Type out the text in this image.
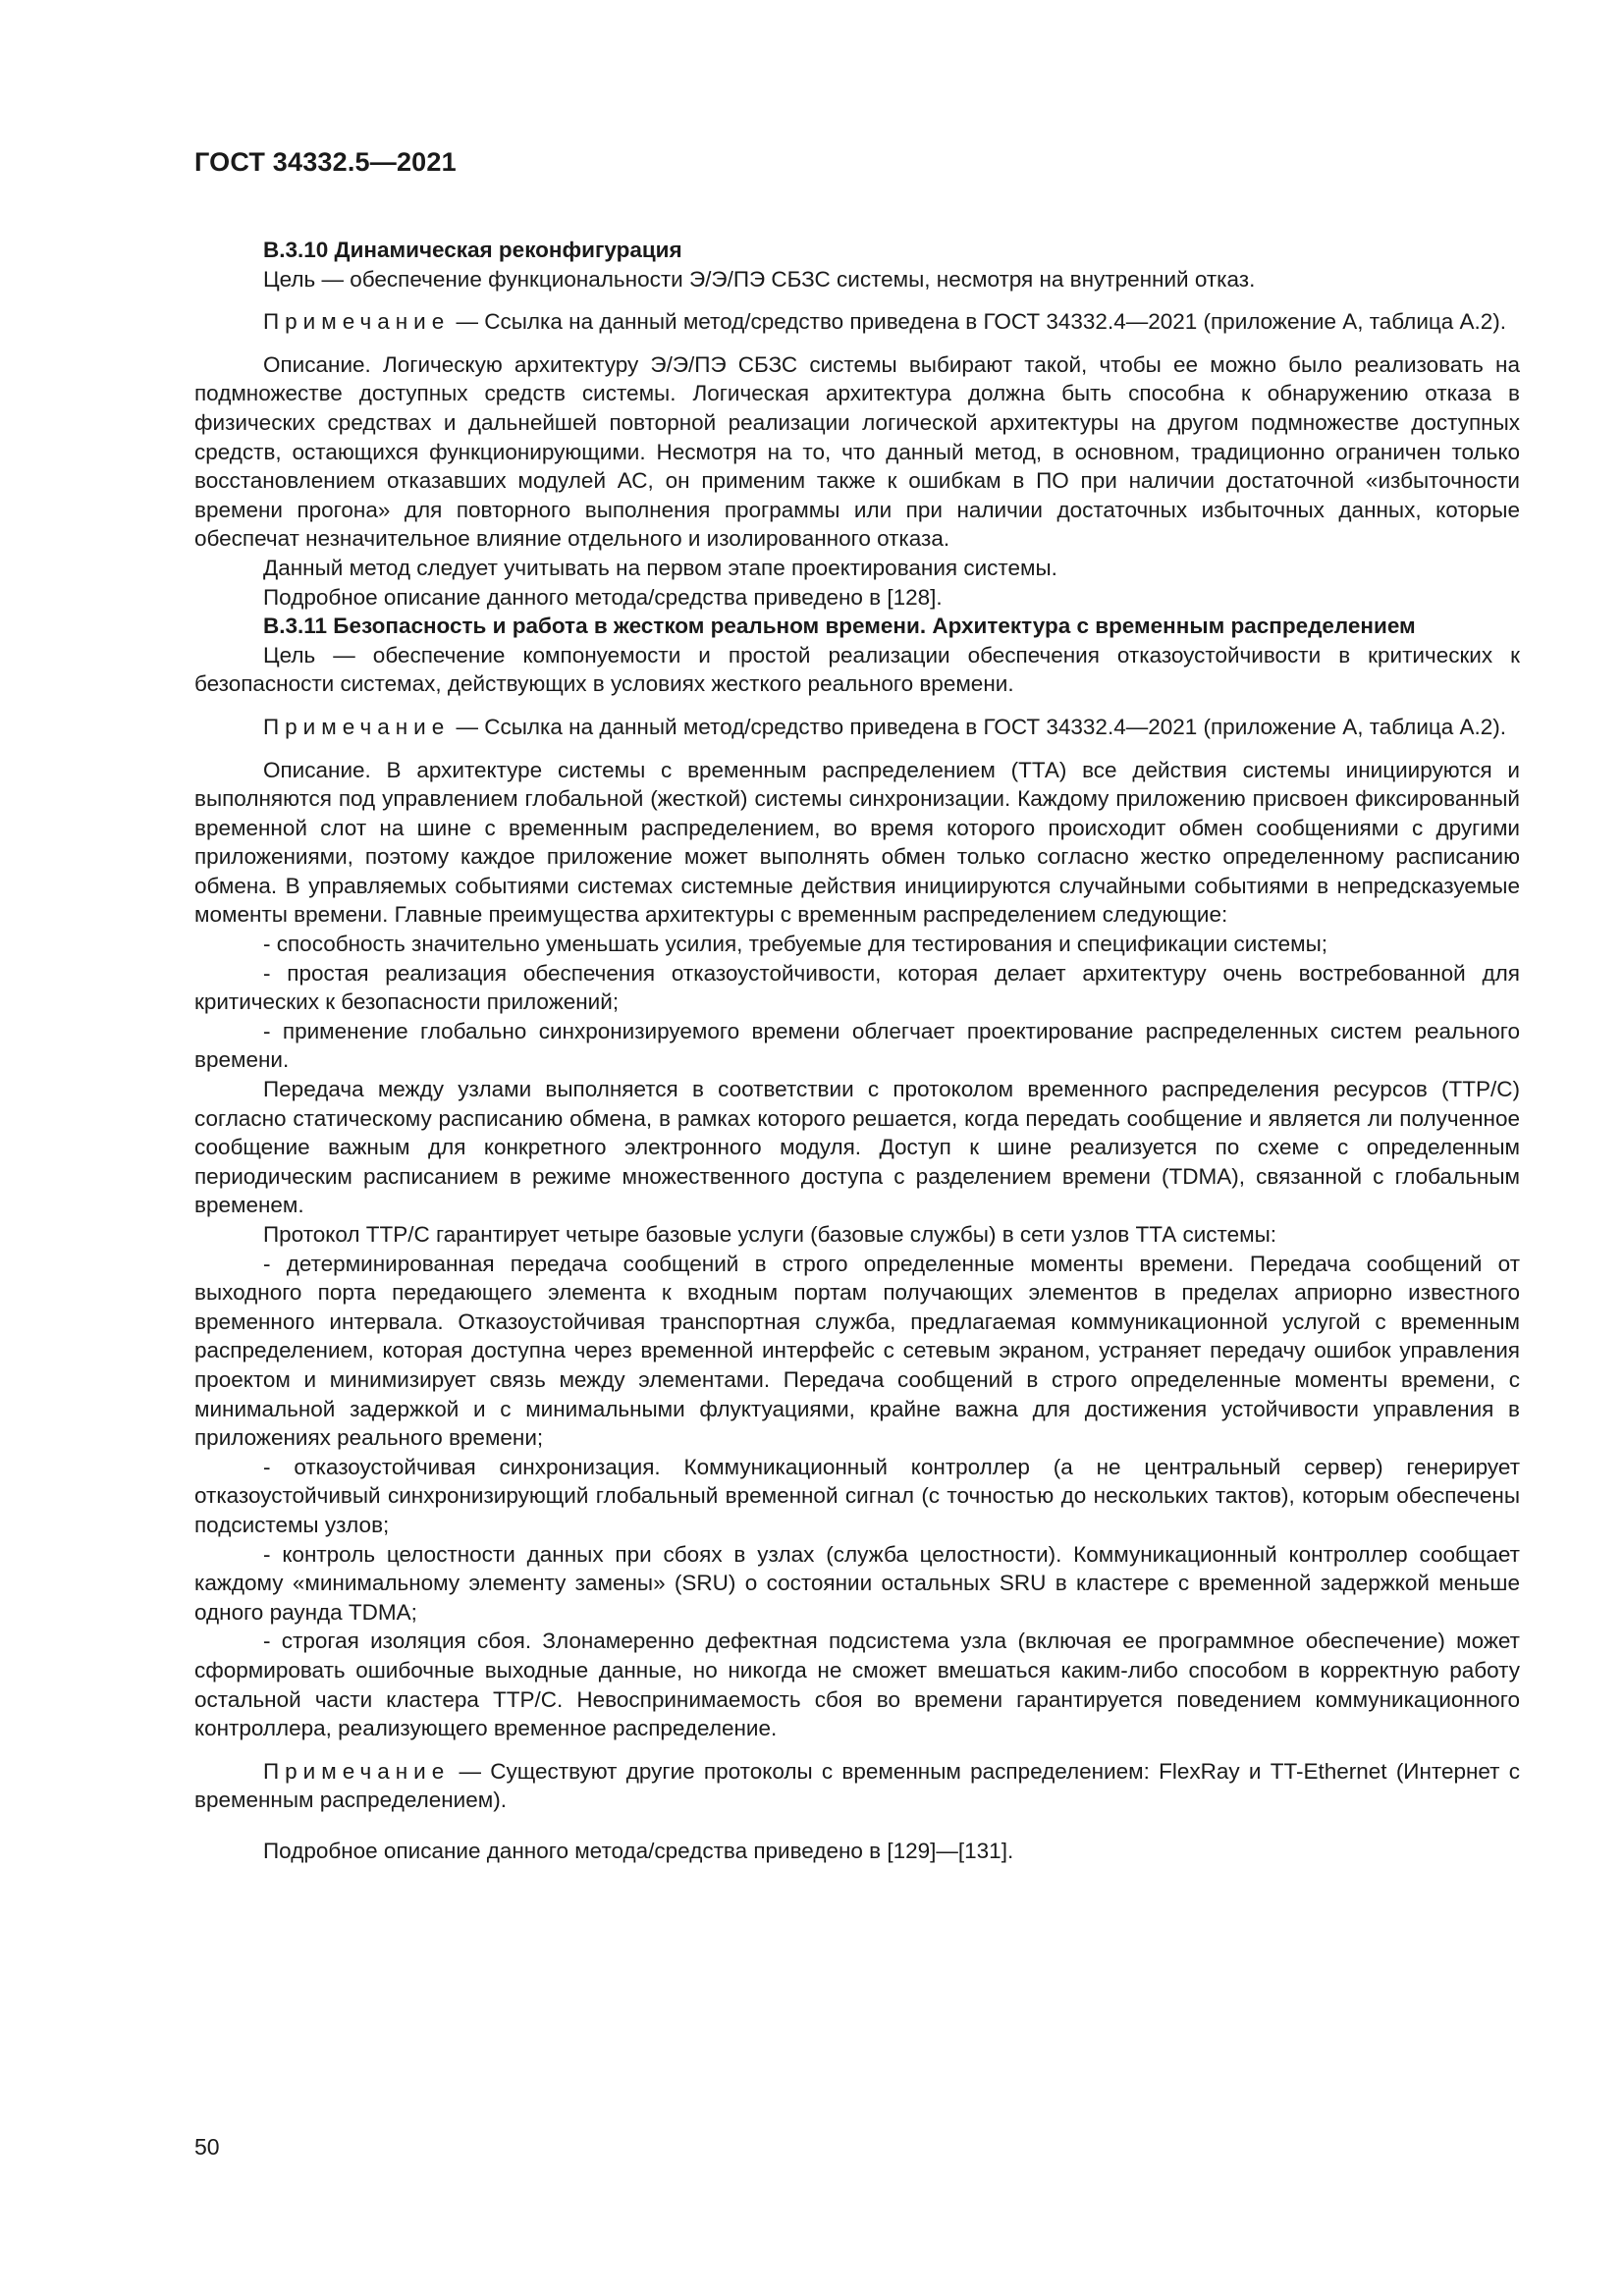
ГОСТ 34332.5—2021

В.3.10 Динамическая реконфигурация

Цель — обеспечение функциональности Э/Э/ПЭ СБЗС системы, несмотря на внутренний отказ.

Примечание — Ссылка на данный метод/средство приведена в ГОСТ 34332.4—2021 (приложение А, таблица А.2).

Описание. Логическую архитектуру Э/Э/ПЭ СБЗС системы выбирают такой, чтобы ее можно было реализовать на подмножестве доступных средств системы. Логическая архитектура должна быть способна к обнаружению отказа в физических средствах и дальнейшей повторной реализации логической архитектуры на другом подмножестве доступных средств, остающихся функционирующими. Несмотря на то, что данный метод, в основном, традиционно ограничен только восстановлением отказавших модулей АС, он применим также к ошибкам в ПО при наличии достаточной «избыточности времени прогона» для повторного выполнения программы или при наличии достаточных избыточных данных, которые обеспечат незначительное влияние отдельного и изолированного отказа.

Данный метод следует учитывать на первом этапе проектирования системы.

Подробное описание данного метода/средства приведено в [128].

В.3.11 Безопасность и работа в жестком реальном времени. Архитектура с временным распределением

Цель — обеспечение компонуемости и простой реализации обеспечения отказоустойчивости в критических к безопасности системах, действующих в условиях жесткого реального времени.

Примечание — Ссылка на данный метод/средство приведена в ГОСТ 34332.4—2021 (приложение А, таблица А.2).

Описание. В архитектуре системы с временным распределением (ТТА) все действия системы инициируются и выполняются под управлением глобальной (жесткой) системы синхронизации. Каждому приложению присвоен фиксированный временной слот на шине с временным распределением, во время которого происходит обмен сообщениями с другими приложениями, поэтому каждое приложение может выполнять обмен только согласно жестко определенному расписанию обмена. В управляемых событиями системах системные действия инициируются случайными событиями в непредсказуемые моменты времени. Главные преимущества архитектуры с временным распределением следующие:

- способность значительно уменьшать усилия, требуемые для тестирования и спецификации системы;

- простая реализация обеспечения отказоустойчивости, которая делает архитектуру очень востребованной для критических к безопасности приложений;

- применение глобально синхронизируемого времени облегчает проектирование распределенных систем реального времени.

Передача между узлами выполняется в соответствии с протоколом временного распределения ресурсов (TTP/C) согласно статическому расписанию обмена, в рамках которого решается, когда передать сообщение и является ли полученное сообщение важным для конкретного электронного модуля. Доступ к шине реализуется по схеме с определенным периодическим расписанием в режиме множественного доступа с разделением времени (TDMA), связанной с глобальным временем.

Протокол TTP/C гарантирует четыре базовые услуги (базовые службы) в сети узлов ТТА системы:

- детерминированная передача сообщений в строго определенные моменты времени. Передача сообщений от выходного порта передающего элемента к входным портам получающих элементов в пределах априорно известного временного интервала. Отказоустойчивая транспортная служба, предлагаемая коммуникационной услугой с временным распределением, которая доступна через временной интерфейс с сетевым экраном, устраняет передачу ошибок управления проектом и минимизирует связь между элементами. Передача сообщений в строго определенные моменты времени, с минимальной задержкой и с минимальными флуктуациями, крайне важна для достижения устойчивости управления в приложениях реального времени;

- отказоустойчивая синхронизация. Коммуникационный контроллер (а не центральный сервер) генерирует отказоустойчивый синхронизирующий глобальный временной сигнал (с точностью до нескольких тактов), которым обеспечены подсистемы узлов;

- контроль целостности данных при сбоях в узлах (служба целостности). Коммуникационный контроллер сообщает каждому «минимальному элементу замены» (SRU) о состоянии остальных SRU в кластере с временной задержкой меньше одного раунда TDMA;

- строгая изоляция сбоя. Злонамеренно дефектная подсистема узла (включая ее программное обеспечение) может сформировать ошибочные выходные данные, но никогда не сможет вмешаться каким-либо способом в корректную работу остальной части кластера TTP/C. Невоспринимаемость сбоя во времени гарантируется поведением коммуникационного контроллера, реализующего временное распределение.

Примечание — Существуют другие протоколы с временным распределением: FlexRay и TT-Ethernet (Интернет с временным распределением).

Подробное описание данного метода/средства приведено в [129]—[131].

50
